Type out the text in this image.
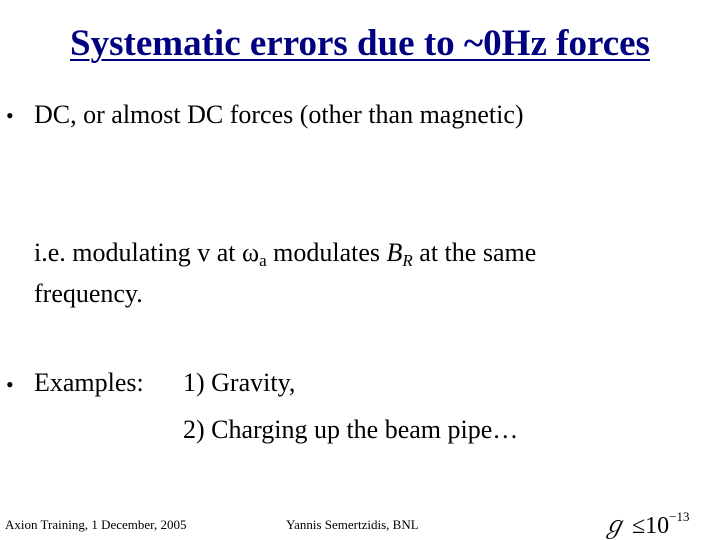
Systematic errors due to ~0Hz forces
• DC, or almost DC forces (other than magnetic)
i.e. modulating v at $\omega_a$ modulates $B_R$ at the same
frequency.
• Examples: 1) Gravity,
2) Charging up the beam pipe…
Axion Training, 1 December, 2005	Yannis Semertzidis, BNL	ℊ $\le 10^{-13}$
